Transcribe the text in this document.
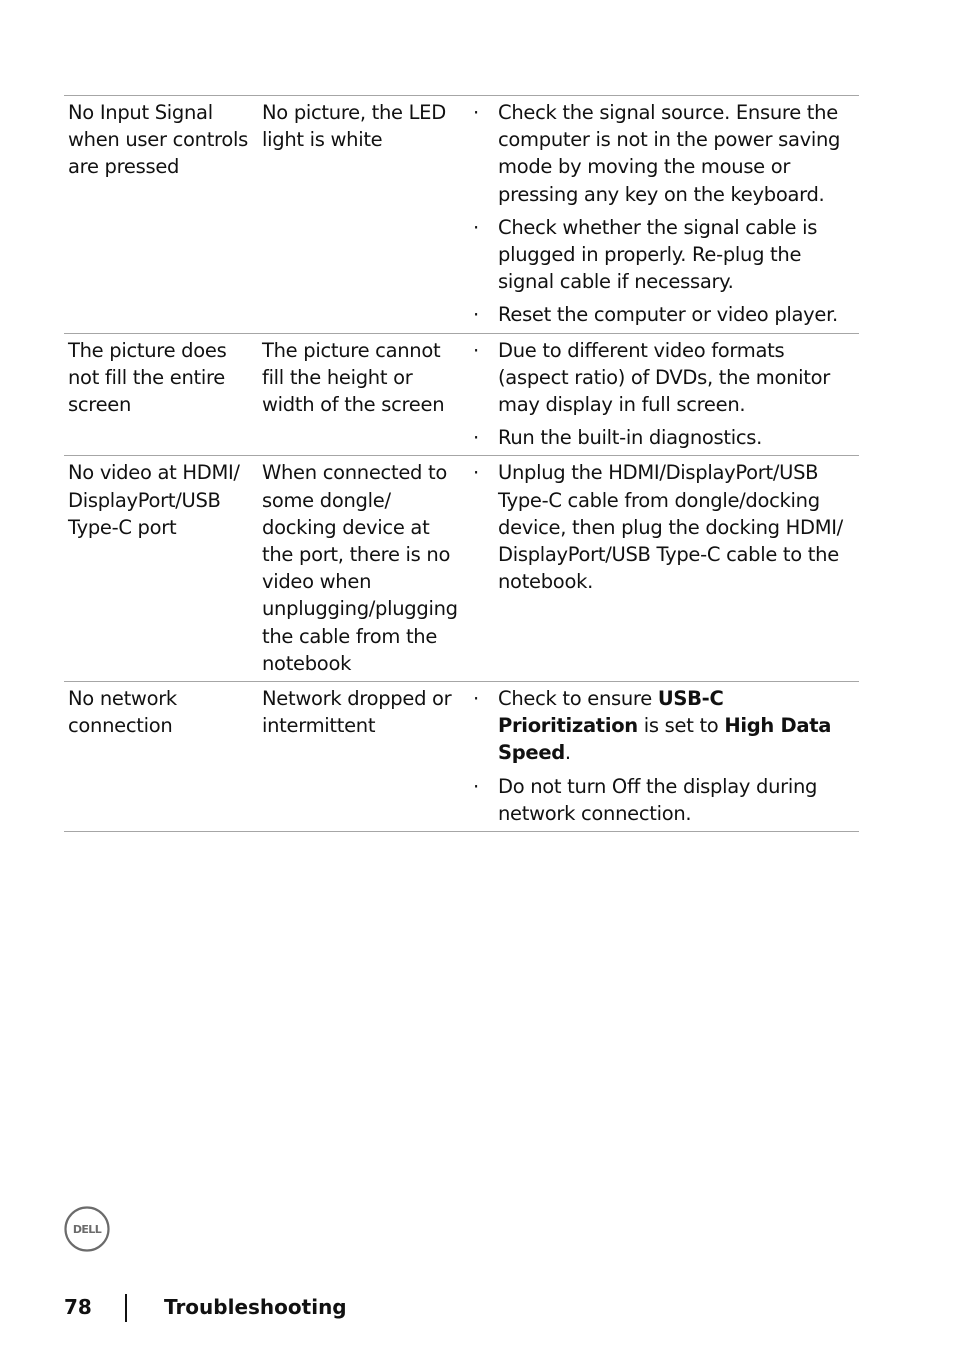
No Input Signal when user controls are pressed

No picture, the LED light is white

· Check the signal source. Ensure the computer is not in the power saving mode by moving the mouse or pressing any key on the keyboard.

· Check whether the signal cable is plugged in properly. Re-plug the signal cable if necessary.

· Reset the computer or video player.

The picture does not fill the entire screen

The picture cannot fill the height or width of the screen

· Due to different video formats (aspect ratio) of DVDs, the monitor may display in full screen.

· Run the built-in diagnostics.

No video at HDMI/ DisplayPort/USB Type-C port

When connected to some dongle/ docking device at the port, there is no video when unplugging/plugging the cable from the notebook

· Unplug the HDMI/DisplayPort/USB Type-C cable from dongle/docking device, then plug the docking HDMI/ DisplayPort/USB Type-C cable to the notebook.

No network connection

Network dropped or intermittent

· Check to ensure USB-C Prioritization is set to High Data Speed.

· Do not turn Off the display during network connection.

DELL
78	Troubleshooting
